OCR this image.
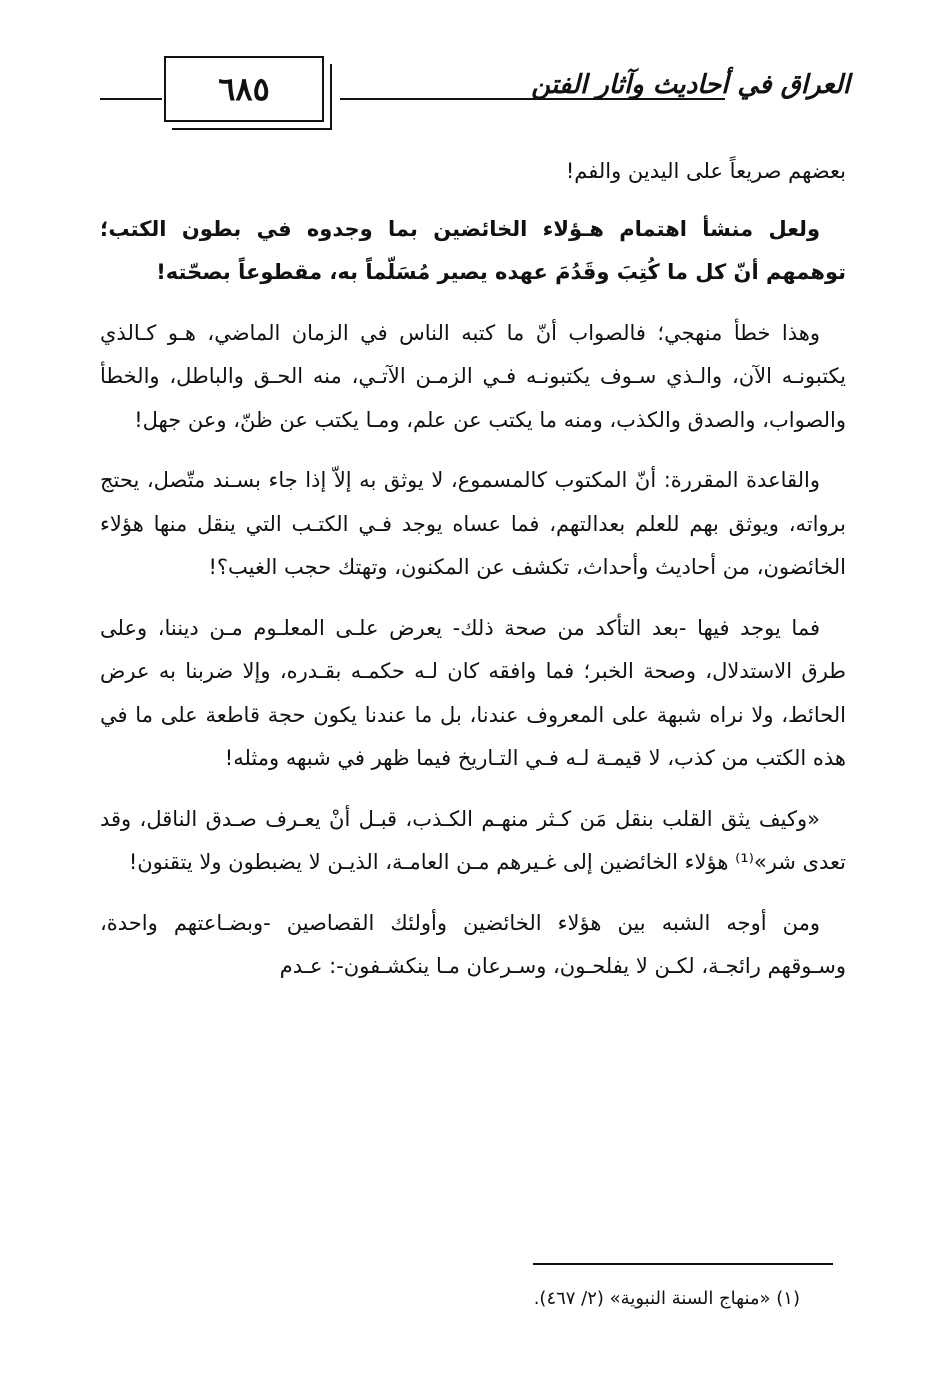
٦٨٥	العراق في أحاديث وآثار الفتن

بعضهم صريعاً على اليدين والفم!

ولعل منشأ اهتمام هـؤلاء الخائضين بما وجدوه في بطون الكتب؛ توهمهم أنّ كل ما كُتِبَ وقَدُمَ عهده يصير مُسَلّماً به، مقطوعاً بصحّته!

وهذا خطأ منهجي؛ فالصواب أنّ ما كتبه الناس في الزمان الماضي، هـو كـالذي يكتبونـه الآن، والـذي سـوف يكتبونـه فـي الزمـن الآتـي، منه الحـق والباطل، والخطأ والصواب، والصدق والكذب، ومنه ما يكتب عن علم، ومـا يكتب عن ظنّ، وعن جهل!

والقاعدة المقررة: أنّ المكتوب كالمسموع، لا يوثق به إلاّ إذا جاء بسـند متّصل، يحتج برواته، ويوثق بهم للعلم بعدالتهم، فما عساه يوجد فـي الكتـب التي ينقل منها هؤلاء الخائضون، من أحاديث وأحداث، تكشف عن المكنون، وتهتك حجب الغيب؟!

فما يوجد فيها -بعد التأكد من صحة ذلك- يعرض علـى المعلـوم مـن ديننا، وعلى طرق الاستدلال، وصحة الخبر؛ فما وافقه كان لـه حكمـه بقـدره، وإلا ضربنا به عرض الحائط، ولا نراه شبهة على المعروف عندنا، بل ما عندنا يكون حجة قاطعة على ما في هذه الكتب من كذب، لا قيمـة لـه فـي التـاريخ فيما ظهر في شبهه ومثله!

«وكيف يثق القلب بنقل مَن كـثر منهـم الكـذب، قبـل أنْ يعـرف صـدق الناقل، وقد تعدى شر»⁽¹⁾ هؤلاء الخائضين إلى غـيرهم مـن العامـة، الذيـن لا يضبطون ولا يتقنون!

ومن أوجه الشبه بين هؤلاء الخائضين وأولئك القصاصين -وبضـاعتهم واحدة، وسـوقهم رائجـة، لكـن لا يفلحـون، وسـرعان مـا ينكشـفون-: عـدم

(١) «منهاج السنة النبوية» (٢/ ٤٦٧).
